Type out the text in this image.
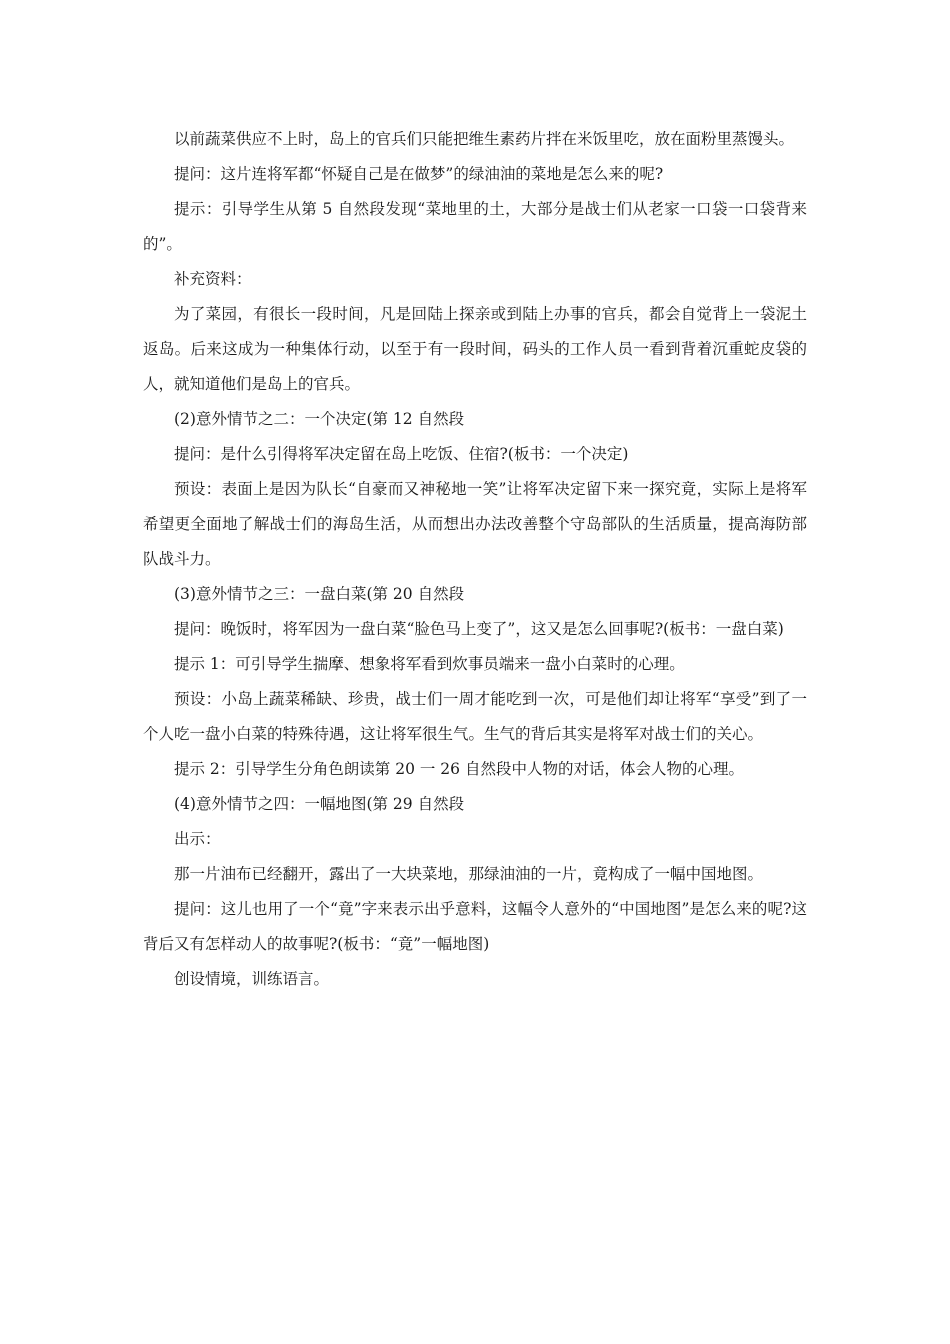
以前蔬菜供应不上时，岛上的官兵们只能把维生素药片拌在米饭里吃，放在面粉里蒸馒头。

提问：这片连将军都“怀疑自己是在做梦”的绿油油的菜地是怎么来的呢?

提示：引导学生从第 5 自然段发现“菜地里的土，大部分是战士们从老家一口袋一口袋背来的”。

补充资料：

为了菜园，有很长一段时间，凡是回陆上探亲或到陆上办事的官兵，都会自觉背上一袋泥土返岛。后来这成为一种集体行动，以至于有一段时间，码头的工作人员一看到背着沉重蛇皮袋的人，就知道他们是岛上的官兵。

(2)意外情节之二：一个决定(第 12 自然段

提问：是什么引得将军决定留在岛上吃饭、住宿?(板书：一个决定)

预设：表面上是因为队长“自豪而又神秘地一笑”让将军决定留下来一探究竟，实际上是将军希望更全面地了解战士们的海岛生活，从而想出办法改善整个守岛部队的生活质量，提高海防部队战斗力。

(3)意外情节之三：一盘白菜(第 20 自然段

提问：晚饭时，将军因为一盘白菜“脸色马上变了”，这又是怎么回事呢?(板书：一盘白菜)

提示 1：可引导学生揣摩、想象将军看到炊事员端来一盘小白菜时的心理。

预设：小岛上蔬菜稀缺、珍贵，战士们一周才能吃到一次，可是他们却让将军“享受”到了一个人吃一盘小白菜的特殊待遇，这让将军很生气。生气的背后其实是将军对战士们的关心。

提示 2：引导学生分角色朗读第 20 一 26 自然段中人物的对话，体会人物的心理。

(4)意外情节之四：一幅地图(第 29 自然段

出示：

那一片油布已经翻开，露出了一大块菜地，那绿油油的一片，竟构成了一幅中国地图。

提问：这儿也用了一个“竟”字来表示出乎意料，这幅令人意外的“中国地图”是怎么来的呢?这背后又有怎样动人的故事呢?(板书：“竟”一幅地图)

创设情境，训练语言。
